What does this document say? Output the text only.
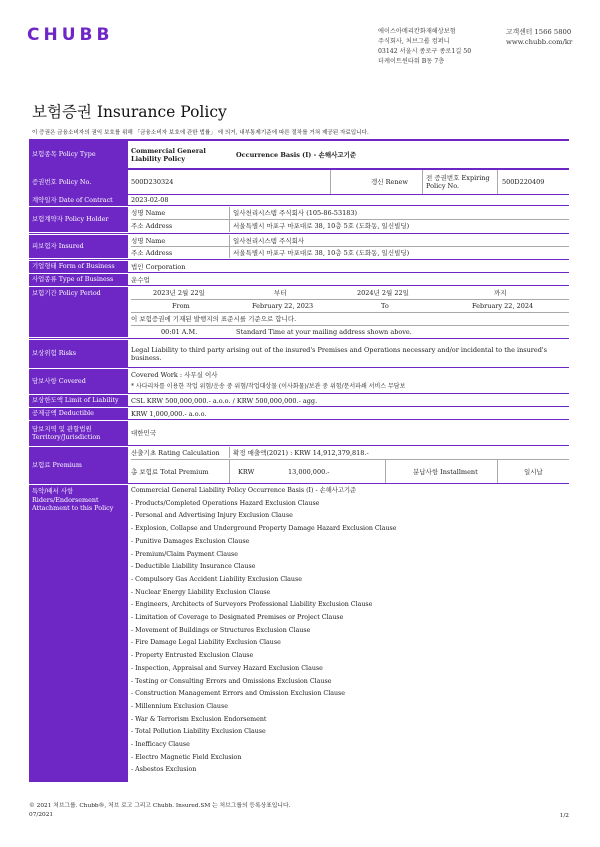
CHUBB	에이스아메리칸화재해상보험
주식회사, 처브그룹 컴퍼니
03142 서울시 종로구 종로1길 50
더케이트윈타워 B동 7층
고객센터 1566 5800
www.chubb.com/kr
보험증권 Insurance Policy
이 증권은 금융소비자의 권익 보호를 위해 「금융소비자 보호에 관한 법률」 에 의거, 내부통제기준에 따른 절차를 거쳐 제공된 자료입니다.
보험종목 Policy Type	Commercial General Liability Policy	Occurrence Basis (I) - 손해사고기준
증권번호 Policy No.	500D230324	갱신 Renew	전 증권번호 Expiring Policy No.	500D220409
계약일자 Date of Contract	2023-02-08
보험계약자 Policy Holder
성명 Name	일사천리시스템 주식회사 (105-86-53183)
주소 Address	서울특별시 마포구 마포대로 38, 10층 5호 (도화동, 일신빌딩)
피보험자 Insured
성명 Name	일사천리시스템 주식회사
주소 Address	서울특별시 마포구 마포대로 38, 10층 5호 (도화동, 일신빌딩)
기업형태 Form of Business	법인 Corporation
사업종류 Type of Business	운수업
보험기간 Policy Period	2023년 2월 22일	부터	2024년 2월 22일	까지
From	February 22, 2023	To	February 22, 2024
이 보험증권에 기재된 발행지의 표준시를 기준으로 합니다.
00:01 A.M.	Standard Time at your mailing address shown above.
보상위험 Risks	Legal Liability to third party arising out of the insured's Premises and Operations necessary and/or incidental to the insured's business.
담보사항 Covered
Covered Work : 사무실 이사
* 사다리차를 이용한 작업 위험/운송 중 위험/작업대상물 (이사화물)/보관 중 위험/문서파쇄 서비스 무담보
보상한도액 Limit of Liability	CSL KRW 500,000,000.- a.o.o. / KRW 500,000,000.- agg.
공제금액 Deductible	KRW 1,000,000.- a.o.o.
담보지역 및 관할법원 Territory/Jurisdiction	대한민국
보험료 Premium
산출기초 Rating Calculation 확정 매출액(2021) : KRW 14,912,379,818.-
총 보험료 Total Premium	KRW	13,000,000.-	분납사항 Installment	일시납
특약/배서 사항 Riders/Endorsement Attachment to this Policy
Commercial General Liability Policy Occurrence Basis (I) - 손해사고기준
- Products/Completed Operations Hazard Exclusion Clause
- Personal and Advertising Injury Exclusion Clause
- Explosion, Collapse and Underground Property Damage Hazard Exclusion Clause
- Punitive Damages Exclusion Clause
- Premium/Claim Payment Clause
- Deductible Liability Insurance Clause
- Compulsory Gas Accident Liability Exclusion Clause
- Nuclear Energy Liability Exclusion Clause
- Engineers, Architects of Surveyors Professional Liability Exclusion Clause
- Limitation of Coverage to Designated Premises or Project Clause
- Movement of Buildings or Structures Exclusion Clause
- Fire Damage Legal Liability Exclusion Clause
- Property Entrusted Exclusion Clause
- Inspection, Appraisal and Survey Hazard Exclusion Clause
- Testing or Consulting Errors and Omissions Exclusion Clause
- Construction Management Errors and Omission Exclusion Clause
- Millennium Exclusion Clause
- War & Terrorism Exclusion Endorsement
- Total Pollution Liability Exclusion Clause
- Inefficacy Clause
- Electro Magnetic Field Exclusion
- Asbestos Exclusion
© 2021 처브그룹. Chubb®, 처브 로고 그리고 Chubb. Insured.SM 는 처브그룹의 등록상표입니다.
07/2021	1/2
